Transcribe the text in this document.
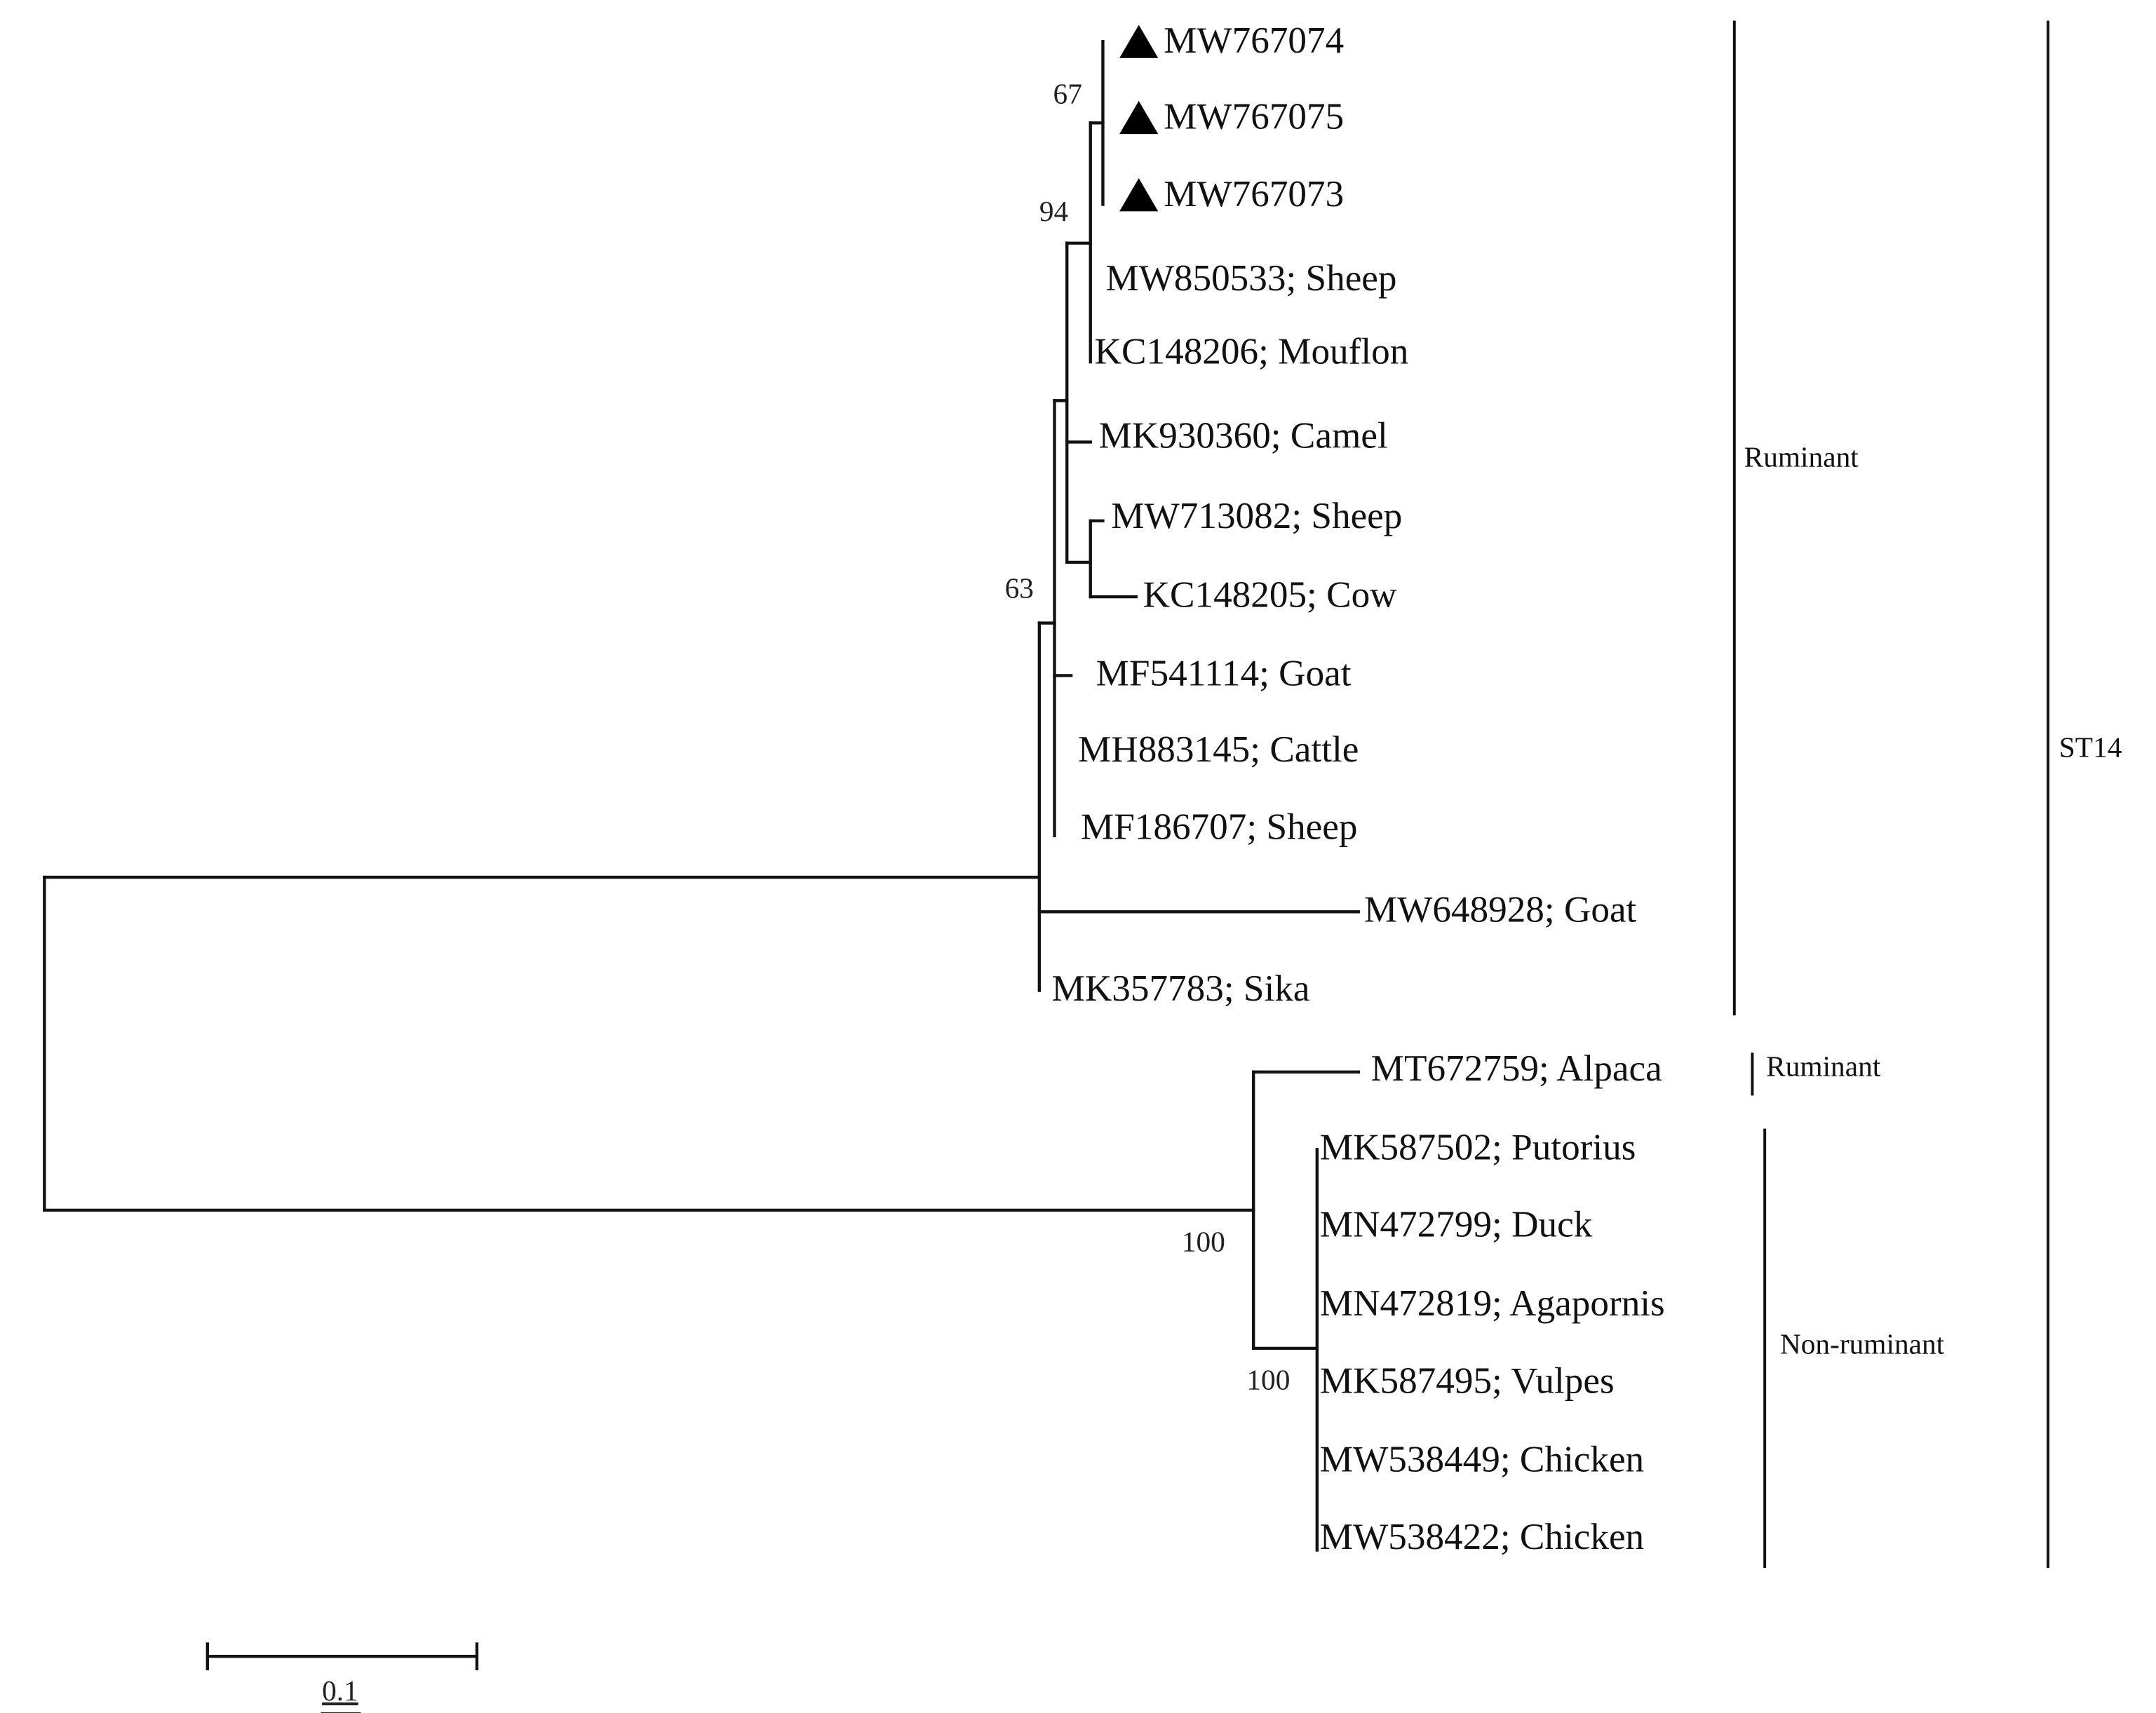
MW767074
MW767075
MW767073
MW850533; Sheep
KC148206; Mouflon
MK930360; Camel
MW713082; Sheep
KC148205; Cow
MF541114; Goat
MH883145; Cattle
MF186707; Sheep
MW648928; Goat
MK357783; Sika
MT672759; Alpaca
MK587502; Putorius
MN472799; Duck
MN472819; Agapornis
MK587495; Vulpes
MW538449; Chicken
MW538422; Chicken
67
94
63
100
100
Ruminant
Ruminant
Non-ruminant
ST14
0.1
